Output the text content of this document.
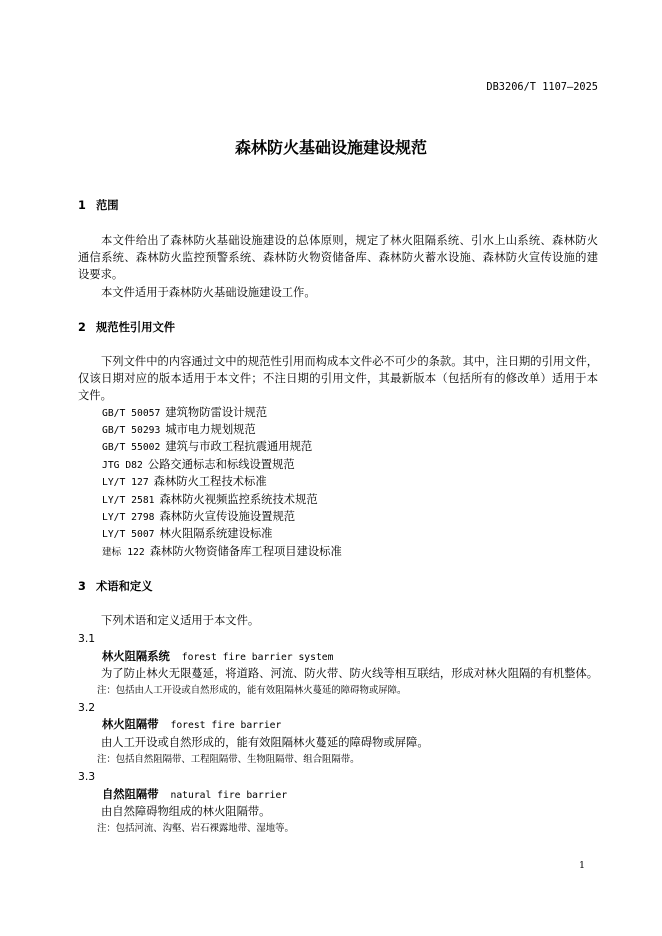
DB3206/T 1107—2025
森林防火基础设施建设规范
1 范围
本文件给出了森林防火基础设施建设的总体原则，规定了林火阻隔系统、引水上山系统、森林防火
通信系统、森林防火监控预警系统、森林防火物资储备库、森林防火蓄水设施、森林防火宣传设施的建
设要求。
本文件适用于森林防火基础设施建设工作。
2 规范性引用文件
下列文件中的内容通过文中的规范性引用而构成本文件必不可少的条款。其中，注日期的引用文件，
仅该日期对应的版本适用于本文件；不注日期的引用文件，其最新版本（包括所有的修改单）适用于本
文件。
GB/T 50057 建筑物防雷设计规范
GB/T 50293 城市电力规划规范
GB/T 55002 建筑与市政工程抗震通用规范
JTG D82 公路交通标志和标线设置规范
LY/T 127 森林防火工程技术标准
LY/T 2581 森林防火视频监控系统技术规范
LY/T 2798 森林防火宣传设施设置规范
LY/T 5007 林火阻隔系统建设标准
建标 122 森林防火物资储备库工程项目建设标准
3 术语和定义
下列术语和定义适用于本文件。
3.1
林火阻隔系统 forest fire barrier system
为了防止林火无限蔓延，将道路、河流、防火带、防火线等相互联结，形成对林火阻隔的有机整体。
注：包括由人工开设或自然形成的，能有效阻隔林火蔓延的障碍物或屏障。
3.2
林火阻隔带 forest fire barrier
由人工开设或自然形成的，能有效阻隔林火蔓延的障碍物或屏障。
注：包括自然阻隔带、工程阻隔带、生物阻隔带、组合阻隔带。
3.3
自然阻隔带 natural fire barrier
由自然障碍物组成的林火阻隔带。
注：包括河流、沟壑、岩石裸露地带、湿地等。
1
